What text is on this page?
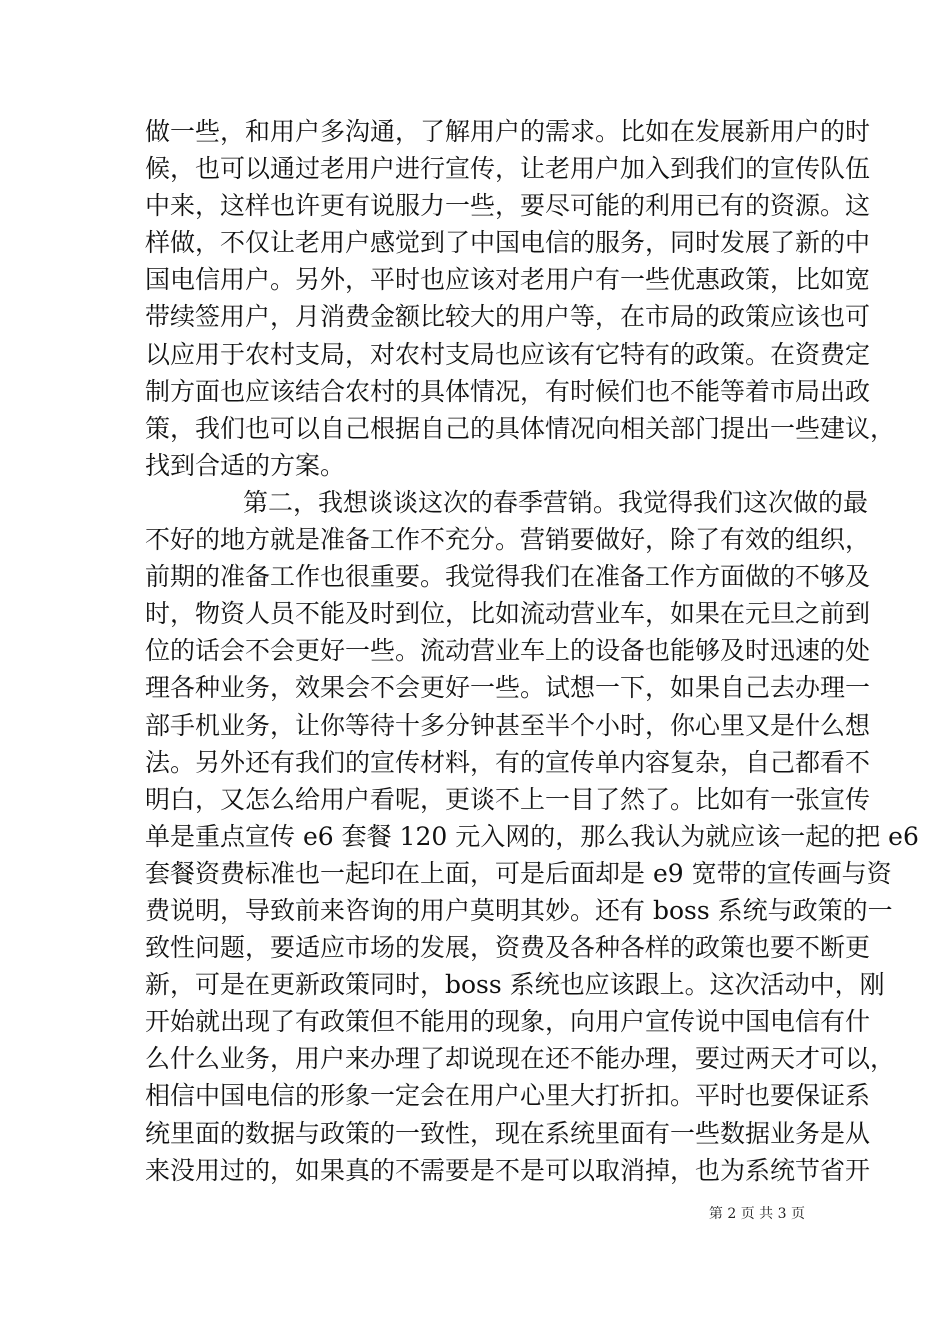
做一些，和用户多沟通，了解用户的需求。比如在发展新用户的时
候，也可以通过老用户进行宣传，让老用户加入到我们的宣传队伍
中来，这样也许更有说服力一些，要尽可能的利用已有的资源。这
样做，不仅让老用户感觉到了中国电信的服务，同时发展了新的中
国电信用户。另外，平时也应该对老用户有一些优惠政策，比如宽
带续签用户，月消费金额比较大的用户等，在市局的政策应该也可
以应用于农村支局，对农村支局也应该有它特有的政策。在资费定
制方面也应该结合农村的具体情况，有时候们也不能等着市局出政
策，我们也可以自己根据自己的具体情况向相关部门提出一些建议，
找到合适的方案。
第二，我想谈谈这次的春季营销。我觉得我们这次做的最
不好的地方就是准备工作不充分。营销要做好，除了有效的组织，
前期的准备工作也很重要。我觉得我们在准备工作方面做的不够及
时，物资人员不能及时到位，比如流动营业车，如果在元旦之前到
位的话会不会更好一些。流动营业车上的设备也能够及时迅速的处
理各种业务，效果会不会更好一些。试想一下，如果自己去办理一
部手机业务，让你等待十多分钟甚至半个小时，你心里又是什么想
法。另外还有我们的宣传材料，有的宣传单内容复杂，自己都看不
明白，又怎么给用户看呢，更谈不上一目了然了。比如有一张宣传
单是重点宣传 e6 套餐 120 元入网的，那么我认为就应该一起的把 e6
套餐资费标准也一起印在上面，可是后面却是 e9 宽带的宣传画与资
费说明，导致前来咨询的用户莫明其妙。还有 boss 系统与政策的一
致性问题，要适应市场的发展，资费及各种各样的政策也要不断更
新，可是在更新政策同时，boss 系统也应该跟上。这次活动中，刚
开始就出现了有政策但不能用的现象，向用户宣传说中国电信有什
么什么业务，用户来办理了却说现在还不能办理，要过两天才可以，
相信中国电信的形象一定会在用户心里大打折扣。平时也要保证系
统里面的数据与政策的一致性，现在系统里面有一些数据业务是从
来没用过的，如果真的不需要是不是可以取消掉，也为系统节省开
第 2 页 共 3 页
